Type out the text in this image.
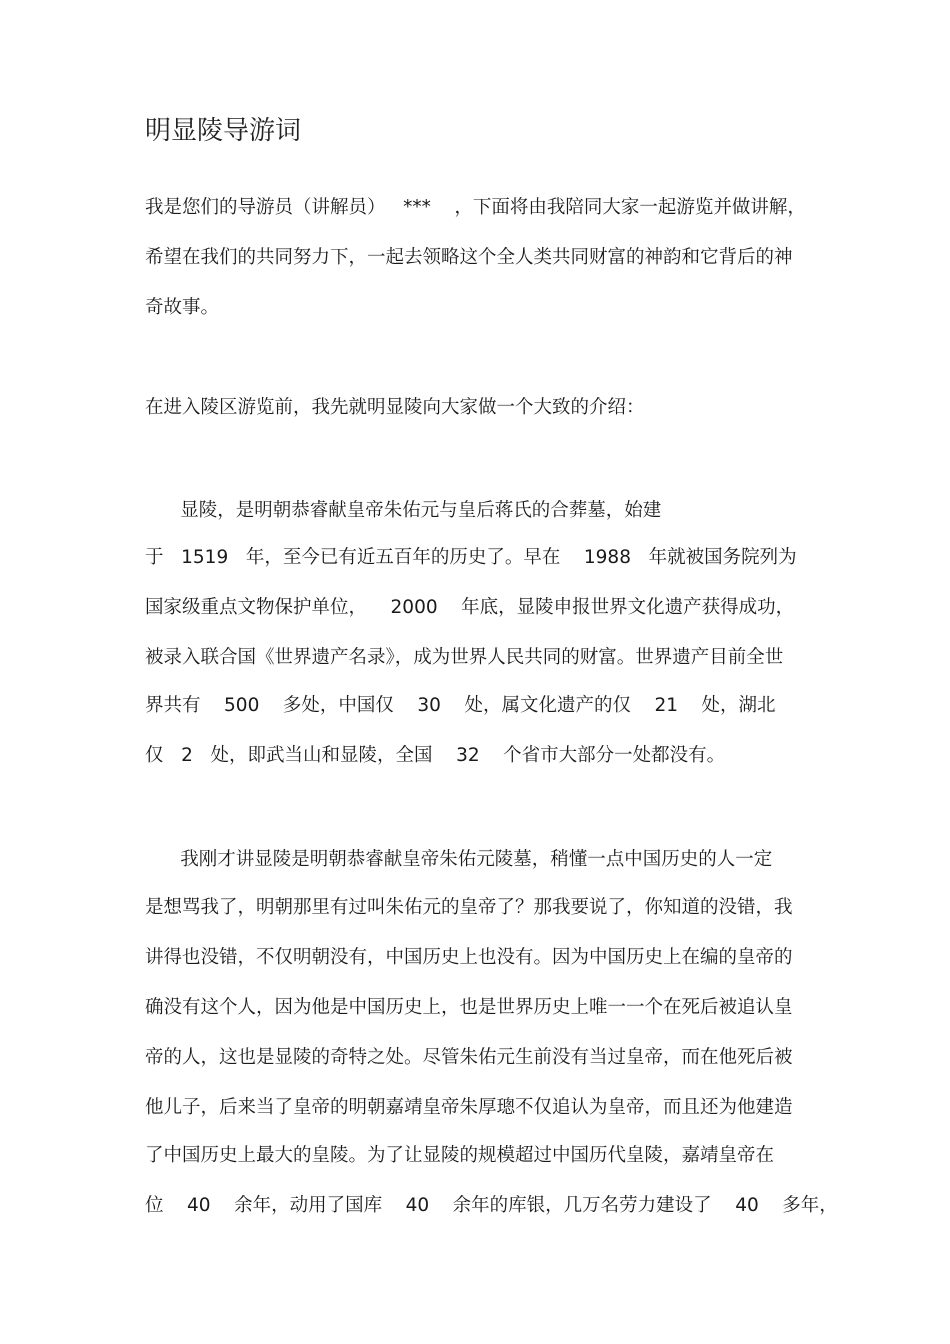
明显陵导游词
我是您们的导游员（讲解员）   ***    ，下面将由我陪同大家一起游览并做讲解，
希望在我们的共同努力下，一起去领略这个全人类共同财富的神韵和它背后的神
奇故事。
在进入陵区游览前，我先就明显陵向大家做一个大致的介绍：
显陵，是明朝恭睿献皇帝朱佑元与皇后蒋氏的合葬墓，始建
于   1519   年，至今已有近五百年的历史了。早在    1988   年就被国务院列为
国家级重点文物保护单位，    2000    年底，显陵申报世界文化遗产获得成功，
被录入联合国《世界遗产名录》，成为世界人民共同的财富。世界遗产目前全世
界共有    500    多处，中国仅    30    处，属文化遗产的仅    21    处，湖北
仅   2   处，即武当山和显陵，全国    32    个省市大部分一处都没有。
我刚才讲显陵是明朝恭睿献皇帝朱佑元陵墓，稍懂一点中国历史的人一定
是想骂我了，明朝那里有过叫朱佑元的皇帝了？那我要说了，你知道的没错，我
讲得也没错，不仅明朝没有，中国历史上也没有。因为中国历史上在编的皇帝的
确没有这个人，因为他是中国历史上，也是世界历史上唯一一个在死后被追认皇
帝的人，这也是显陵的奇特之处。尽管朱佑元生前没有当过皇帝，而在他死后被
他儿子，后来当了皇帝的明朝嘉靖皇帝朱厚璁不仅追认为皇帝，而且还为他建造
了中国历史上最大的皇陵。为了让显陵的规模超过中国历代皇陵，嘉靖皇帝在
位    40    余年，动用了国库    40    余年的库银，几万名劳力建设了    40    多年，
